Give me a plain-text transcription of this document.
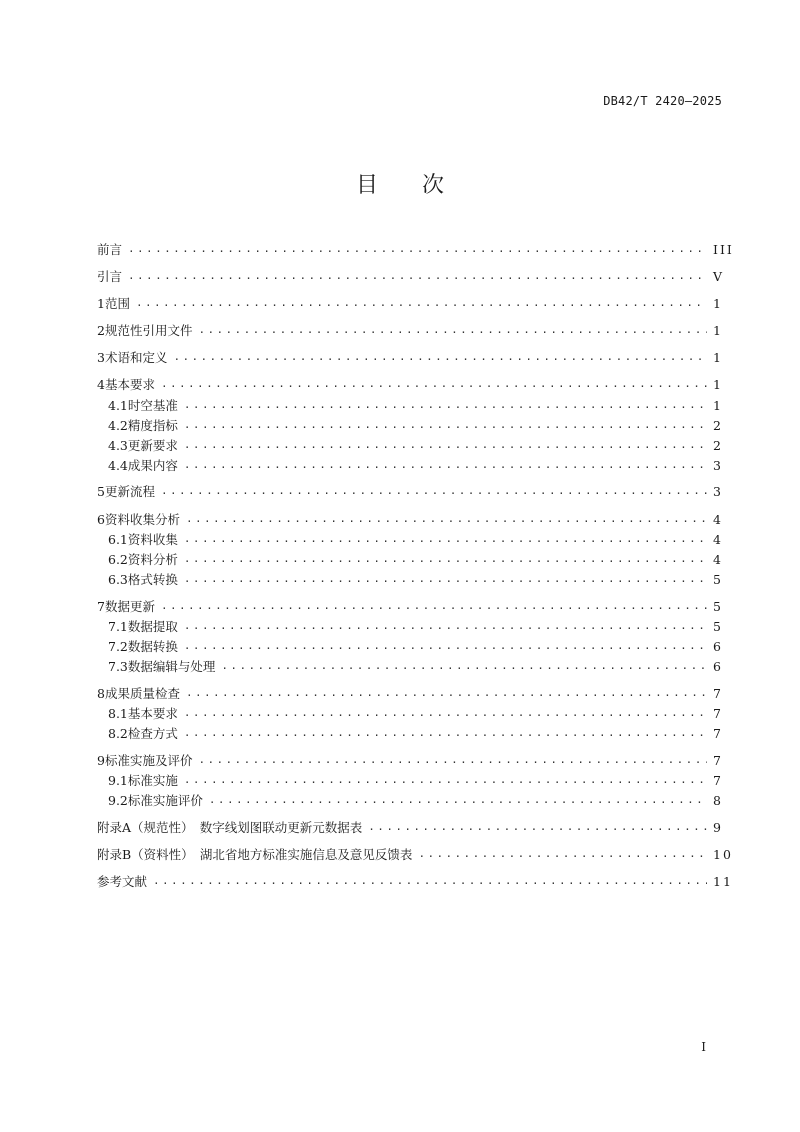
DB42/T 2420—2025
目次
前言 .....	III
引言 .....	V
1 范围 .....	1
2 规范性引用文件 .....	1
3 术语和定义 .....	1
4 基本要求 .....	1
4.1 时空基准 .....	1
4.2 精度指标 .....	2
4.3 更新要求 .....	2
4.4 成果内容 .....	3
5 更新流程 .....	3
6 资料收集分析 .....	4
6.1 资料收集 .....	4
6.2 资料分析 .....	4
6.3 格式转换 .....	5
7 数据更新 .....	5
7.1 数据提取 .....	5
7.2 数据转换 .....	6
7.3 数据编辑与处理 .....	6
8 成果质量检查 .....	7
8.1 基本要求 .....	7
8.2 检查方式 .....	7
9 标准实施及评价 .....	7
9.1 标准实施 .....	7
9.2 标准实施评价 .....	8
附录A（规范性）　数字线划图联动更新元数据表 .....	9
附录B（资料性）　湖北省地方标准实施信息及意见反馈表 .....	10
参考文献 .....	11
I
